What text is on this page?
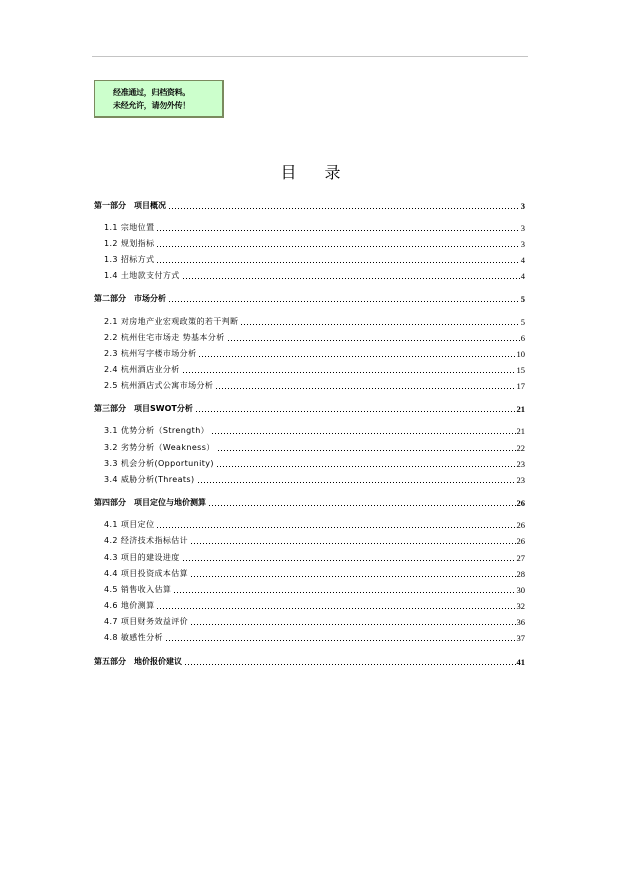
经准通过，归档资料。
未经允许，请勿外传！
目录
第一部分　项目概况	3
1.1 宗地位置	3
1.2 规划指标	3
1.3 招标方式	4
1.4 土地款支付方式	4
第二部分　市场分析	5
2.1 对房地产业宏观政策的若干判断	5
2.2 杭州住宅市场走 势基本分析	6
2.3 杭州写字楼市场分析	10
2.4 杭州酒店业分析	15
2.5 杭州酒店式公寓市场分析	17
第三部分　项目SWOT分析	21
3.1 优势分析（Strength）	21
3.2 劣势分析（Weakness）	22
3.3 机会分析(Opportunity)	23
3.4 威胁分析(Threats)	23
第四部分　项目定位与地价测算	26
4.1 项目定位	26
4.2 经济技术指标估计	26
4.3 项目的建设进度	27
4.4 项目投资成本估算	28
4.5 销售收入估算	30
4.6 地价测算	32
4.7 项目财务效益评价	36
4.8 敏感性分析	37
第五部分　地价报价建议	41
